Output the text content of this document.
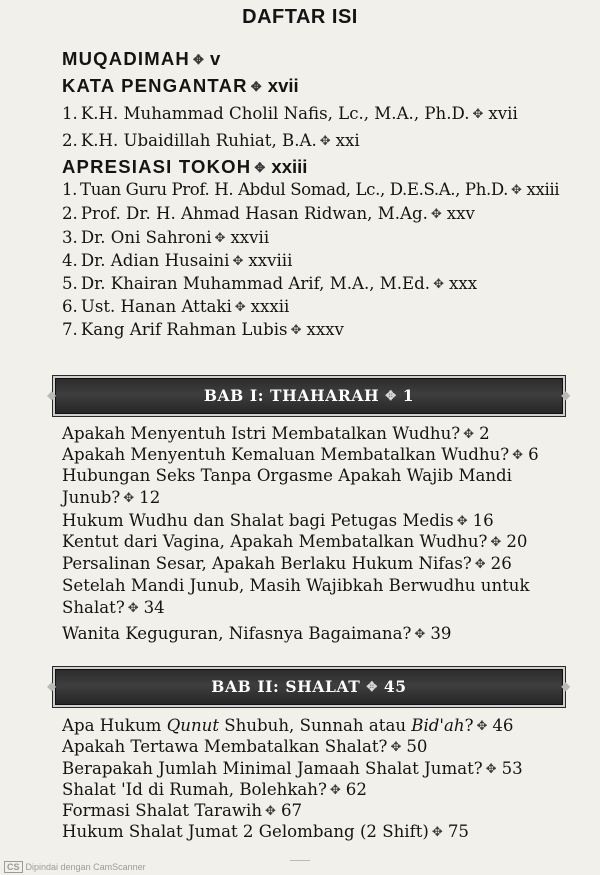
DAFTAR ISI
MUQADIMAH ✥ v
KATA PENGANTAR ✥ xvii
1. K.H. Muhammad Cholil Nafis, Lc., M.A., Ph.D. ✥ xvii
2. K.H. Ubaidillah Ruhiat, B.A. ✥ xxi
APRESIASI TOKOH ✥ xxiii
1. Tuan Guru Prof. H. Abdul Somad, Lc., D.E.S.A., Ph.D. ✥ xxiii
2. Prof. Dr. H. Ahmad Hasan Ridwan, M.Ag. ✥ xxv
3. Dr. Oni Sahroni ✥ xxvii
4. Dr. Adian Husaini ✥ xxviii
5. Dr. Khairan Muhammad Arif, M.A., M.Ed. ✥ xxx
6. Ust. Hanan Attaki ✥ xxxii
7. Kang Arif Rahman Lubis ✥ xxxv
◆ BAB I: THAHARAH ✥ 1 ◆
Apakah Menyentuh Istri Membatalkan Wudhu? ✥ 2
Apakah Menyentuh Kemaluan Membatalkan Wudhu? ✥ 6
Hubungan Seks Tanpa Orgasme Apakah Wajib Mandi
Junub? ✥ 12
Hukum Wudhu dan Shalat bagi Petugas Medis ✥ 16
Kentut dari Vagina, Apakah Membatalkan Wudhu? ✥ 20
Persalinan Sesar, Apakah Berlaku Hukum Nifas? ✥ 26
Setelah Mandi Junub, Masih Wajibkah Berwudhu untuk
Shalat? ✥ 34
Wanita Keguguran, Nifasnya Bagaimana? ✥ 39
◆ BAB II: SHALAT ✥ 45 ◆
Apa Hukum Qunut Shubuh, Sunnah atau Bid'ah? ✥ 46
Apakah Tertawa Membatalkan Shalat? ✥ 50
Berapakah Jumlah Minimal Jamaah Shalat Jumat? ✥ 53
Shalat 'Id di Rumah, Bolehkah? ✥ 62
Formasi Shalat Tarawih ✥ 67
Hukum Shalat Jumat 2 Gelombang (2 Shift) ✥ 75
CS Dipindai dengan CamScanner
